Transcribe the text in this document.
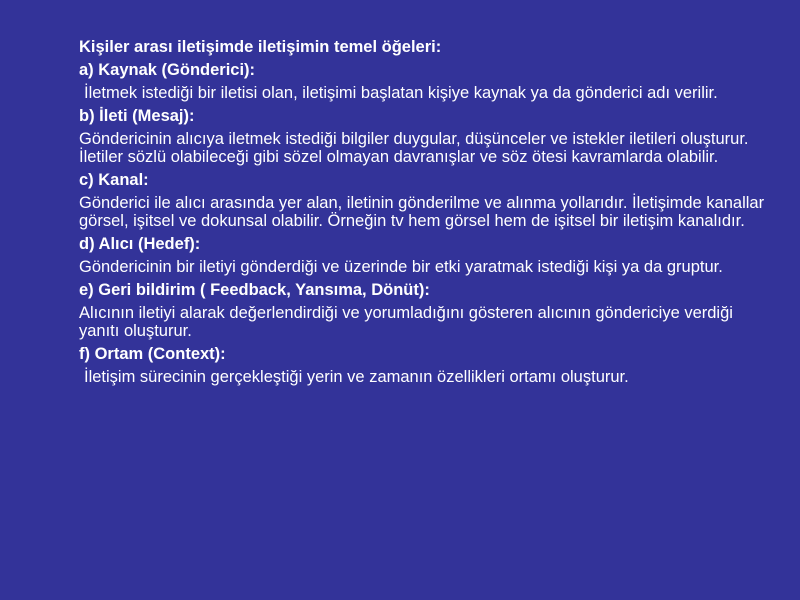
Kişiler arası iletişimde iletişimin temel öğeleri:

a) Kaynak (Gönderici):

İletmek istediği bir iletisi olan, iletişimi başlatan kişiye kaynak ya da gönderici adı verilir.

b) İleti (Mesaj):

Göndericinin alıcıya iletmek istediği bilgiler duygular, düşünceler ve istekler iletileri oluşturur. İletiler sözlü olabileceği gibi sözel olmayan davranışlar ve söz ötesi kavramlarda olabilir.

c) Kanal:

Gönderici ile alıcı arasında yer alan, iletinin gönderilme ve alınma yollarıdır. İletişimde kanallar görsel, işitsel ve dokunsal olabilir. Örneğin tv hem görsel hem de işitsel bir iletişim kanalıdır.

d) Alıcı (Hedef):

Göndericinin bir iletiyi gönderdiği ve üzerinde bir etki yaratmak istediği kişi ya da gruptur.

e) Geri bildirim ( Feedback, Yansıma, Dönüt):

Alıcının iletiyi alarak değerlendirdiği ve yorumladığını gösteren alıcının göndericiye verdiği yanıtı oluşturur.

f) Ortam (Context):

İletişim sürecinin gerçekleştiği yerin ve zamanın özellikleri ortamı oluşturur.
